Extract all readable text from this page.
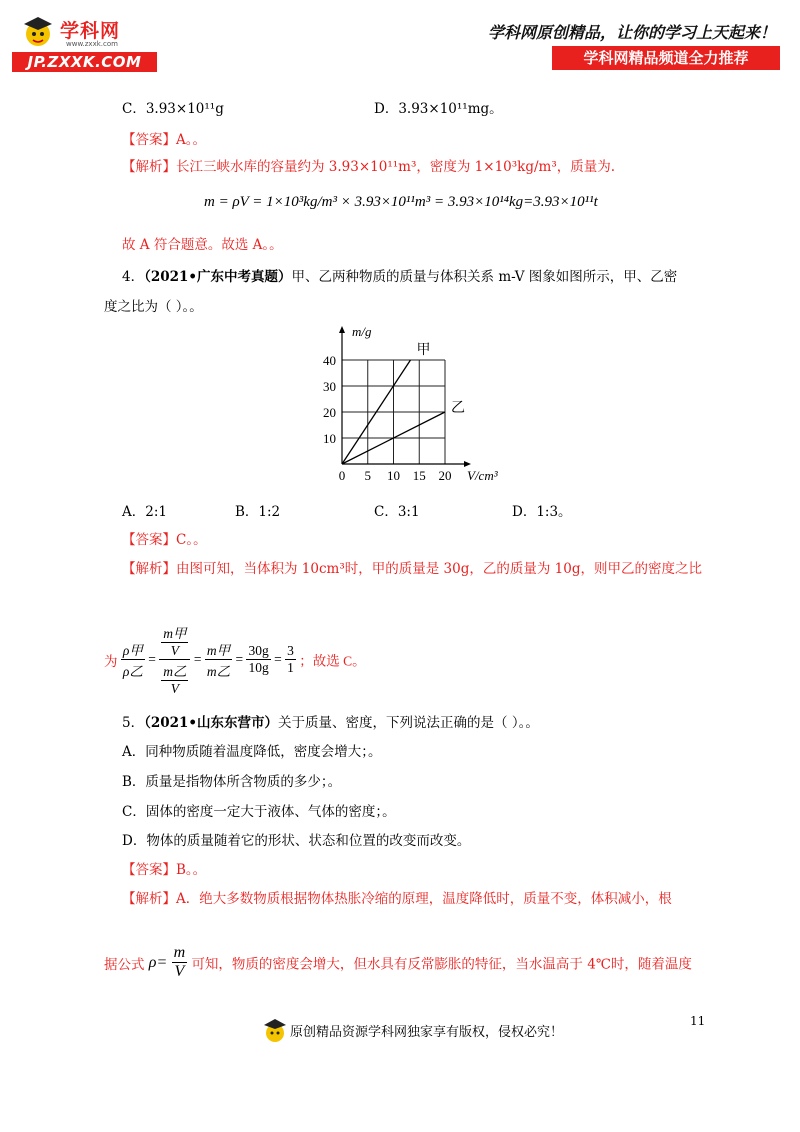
学科网
www.zxxk.com
JP.ZXXK.COM
学科网原创精品，让你的学习上天起来！
学科网精品频道全力推荐
C．3.93×10¹¹g	D．3.93×10¹¹mg。
【答案】A。。
【解析】长江三峡水库的容量约为 3.93×10¹¹m³，密度为 1×10³kg/m³，质量为.
m = ρV = 1×10³kg/m³ × 3.93×10¹¹m³ = 3.93×10¹⁴kg=3.93×10¹¹t
故 A 符合题意。故选 A。。
4．（2021•广东中考真题）甲、乙两种物质的质量与体积关系 m-V 图象如图所示，甲、乙密
度之比为（ ）。。
甲
乙
0 5 10 15 20
10
20
30
40
m/g
V/cm³
A．2:1	B．1:2	C．3:1	D．1:3。
【答案】C。。
【解析】由图可知，当体积为 10cm³时，甲的质量是 30g，乙的质量为 10g，则甲乙的密度之比
为 $\frac{\text{ρ甲}}{\text{ρ乙}} = \frac{\frac{\text{m甲}}{V}}{\frac{\text{m乙}}{V}} = \frac{\text{m甲}}{\text{m乙}} = \frac{30g}{10g} = \frac{3}{1}$ ；故选 C。
5．（2021•山东东营市）关于质量、密度，下列说法正确的是（ ）。。
A．同种物质随着温度降低，密度会增大；。
B．质量是指物体所含物质的多少；。
C．固体的密度一定大于液体、气体的密度；。
D．物体的质量随着它的形状、状态和位置的改变而改变。
【答案】B。。
【解析】A．绝大多数物质根据物体热胀冷缩的原理，温度降低时，质量不变，体积减小，根
据公式 $\rho= \frac{m}{V}$ 可知，物质的密度会增大，但水具有反常膨胀的特征，当水温高于 4℃时，随着温度
11
原创精品资源学科网独家享有版权，侵权必究！
